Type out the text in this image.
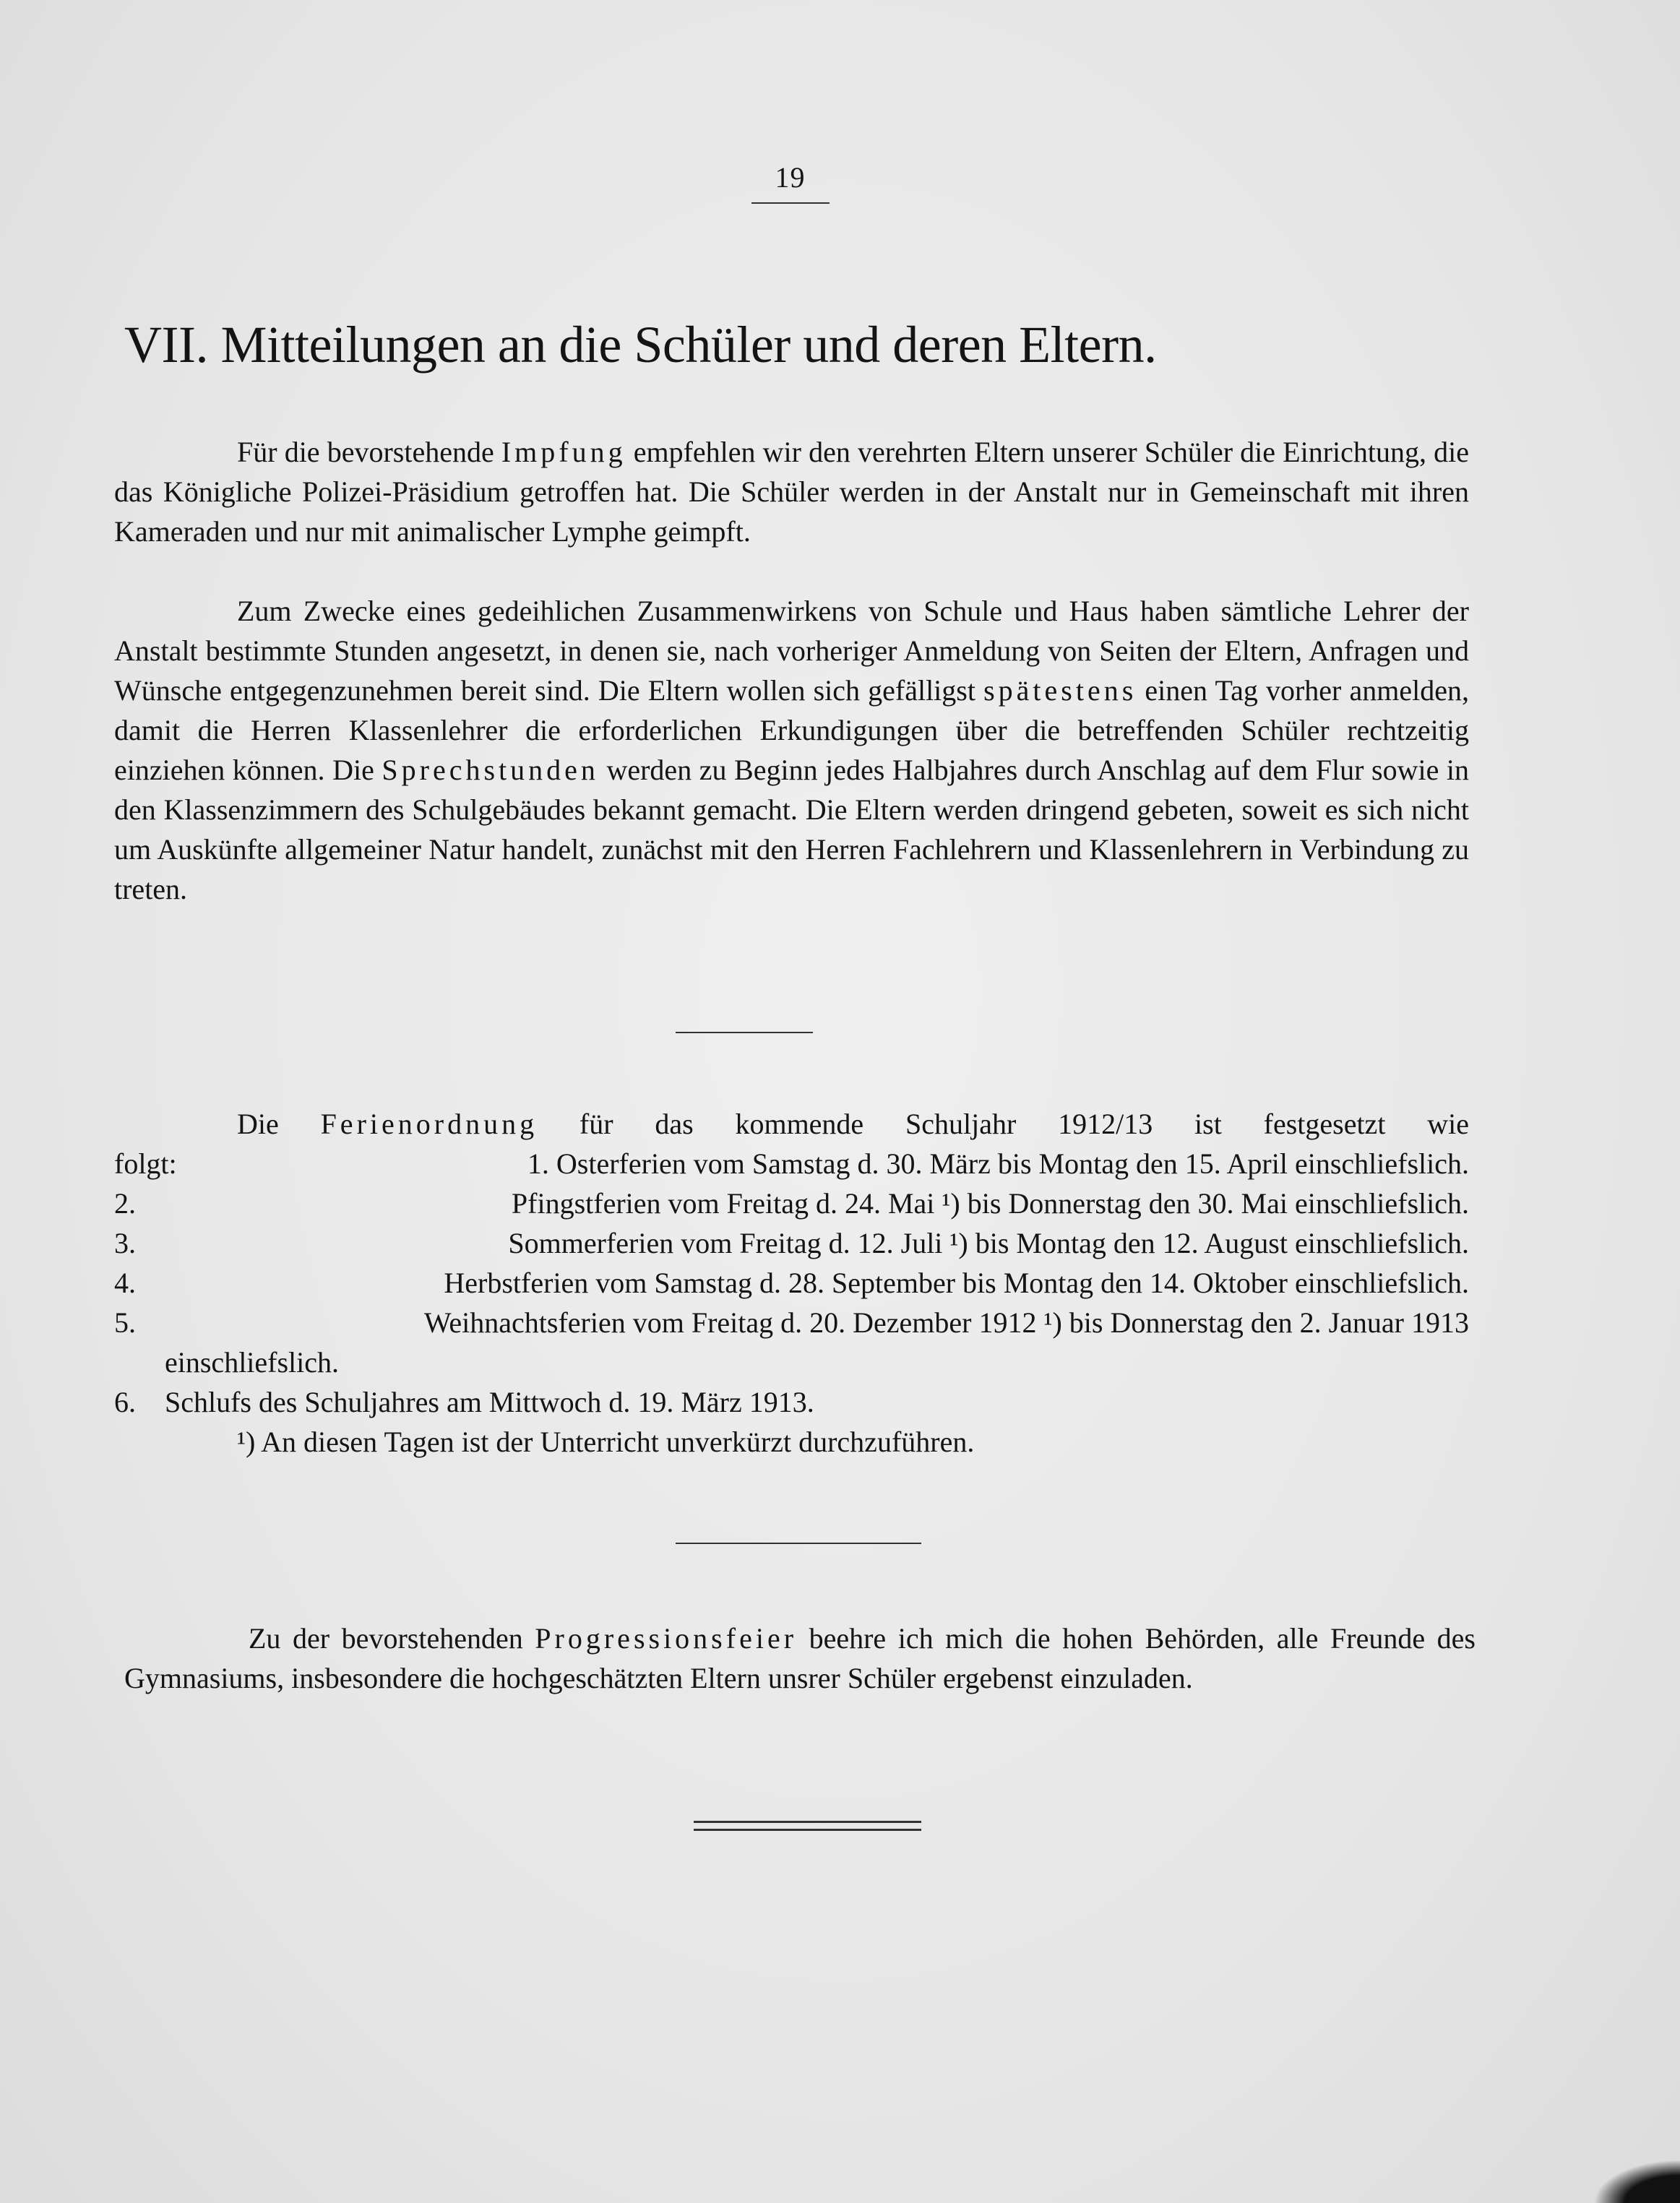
19
VII. Mitteilungen an die Schüler und deren Eltern.

Für die bevorstehende Impfung empfehlen wir den verehrten Eltern unserer Schüler die Einrichtung, die das Königliche Polizei-Präsidium getroffen hat. Die Schüler werden in der Anstalt nur in Gemeinschaft mit ihren Kameraden und nur mit animalischer Lymphe geimpft.

Zum Zwecke eines gedeihlichen Zusammenwirkens von Schule und Haus haben sämtliche Lehrer der Anstalt bestimmte Stunden angesetzt, in denen sie, nach vorheriger Anmeldung von Seiten der Eltern, Anfragen und Wünsche entgegenzunehmen bereit sind. Die Eltern wollen sich gefälligst spätestens einen Tag vorher anmelden, damit die Herren Klassenlehrer die erforderlichen Erkundigungen über die betreffenden Schüler rechtzeitig einziehen können. Die Sprechstunden werden zu Beginn jedes Halbjahres durch Anschlag auf dem Flur sowie in den Klassenzimmern des Schulgebäudes bekannt gemacht. Die Eltern werden dringend gebeten, soweit es sich nicht um Auskünfte allgemeiner Natur handelt, zunächst mit den Herren Fachlehrern und Klassenlehrern in Verbindung zu treten.

Die Ferienordnung für das kommende Schuljahr 1912/13 ist festgesetzt wie
folgt:	1. Osterferien vom Samstag d. 30. März bis Montag den 15. April einschliefslich.
2.	Pfingstferien vom Freitag d. 24. Mai ¹) bis Donnerstag den 30. Mai einschliefslich.
3.	Sommerferien vom Freitag d. 12. Juli ¹) bis Montag den 12. August einschliefslich.
4.	Herbstferien vom Samstag d. 28. September bis Montag den 14. Oktober einschliefslich.
5.	Weihnachtsferien vom Freitag d. 20. Dezember 1912 ¹) bis Donnerstag den 2. Januar 1913
einschliefslich.
6. Schlufs des Schuljahres am Mittwoch d. 19. März 1913.
¹) An diesen Tagen ist der Unterricht unverkürzt durchzuführen.

Zu der bevorstehenden Progressionsfeier beehre ich mich die hohen Behörden, alle Freunde des Gymnasiums, insbesondere die hochgeschätzten Eltern unsrer Schüler ergebenst einzuladen.
